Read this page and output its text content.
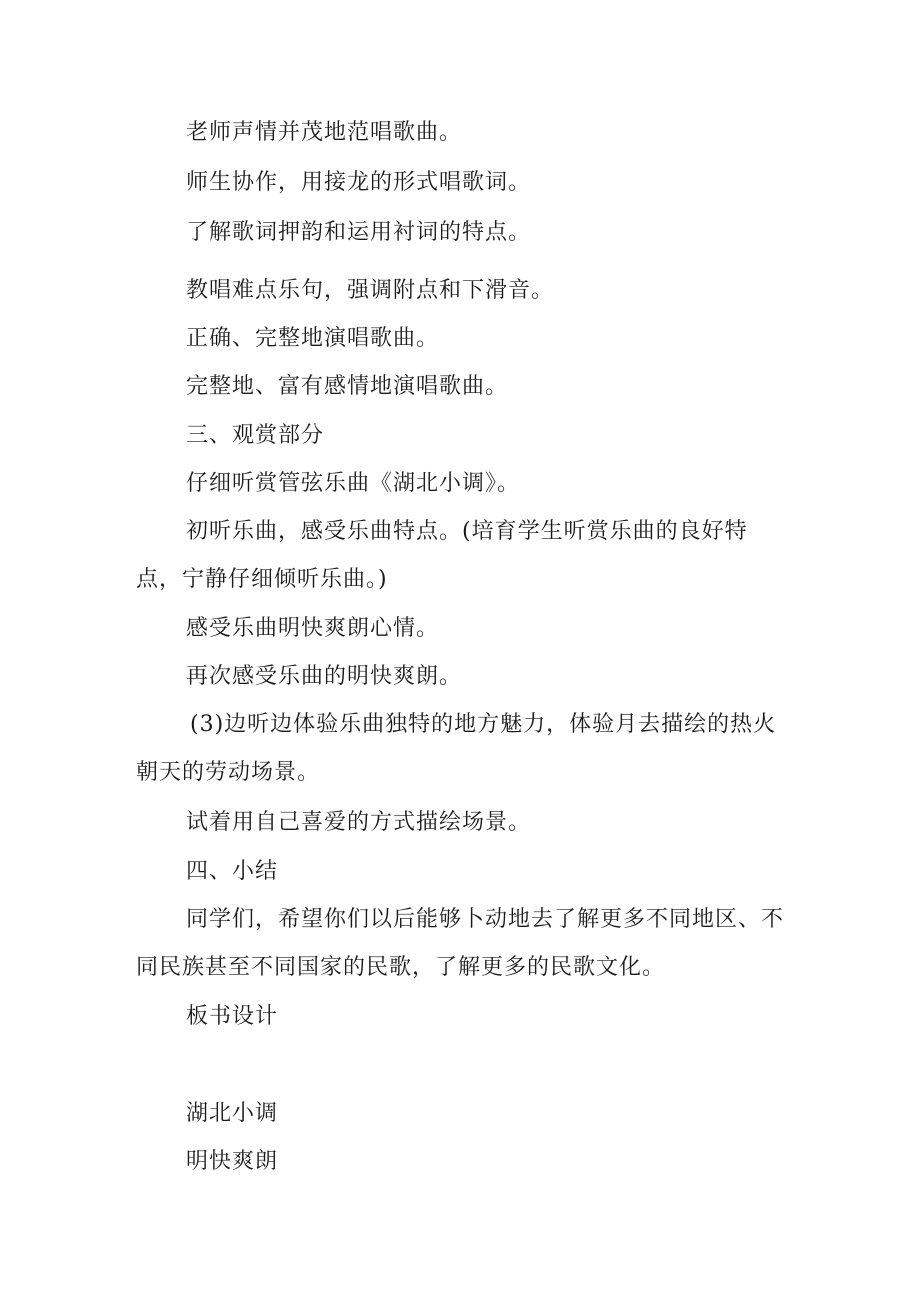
老师声情并茂地范唱歌曲。
师生协作，用接龙的形式唱歌词。
了解歌词押韵和运用衬词的特点。
教唱难点乐句，强调附点和下滑音。
正确、完整地演唱歌曲。
完整地、富有感情地演唱歌曲。
三、观赏部分
仔细听赏管弦乐曲《湖北小调》。
初听乐曲，感受乐曲特点。(培育学生听赏乐曲的良好特
点，宁静仔细倾听乐曲。)
感受乐曲明快爽朗心情。
再次感受乐曲的明快爽朗。
(3)边听边体验乐曲独特的地方魅力，体验月去描绘的热火
朝天的劳动场景。
试着用自己喜爱的方式描绘场景。
四、小结
同学们，希望你们以后能够卜动地去了解更多不同地区、不
同民族甚至不同国家的民歌，了解更多的民歌文化。
板书设计
湖北小调
明快爽朗
